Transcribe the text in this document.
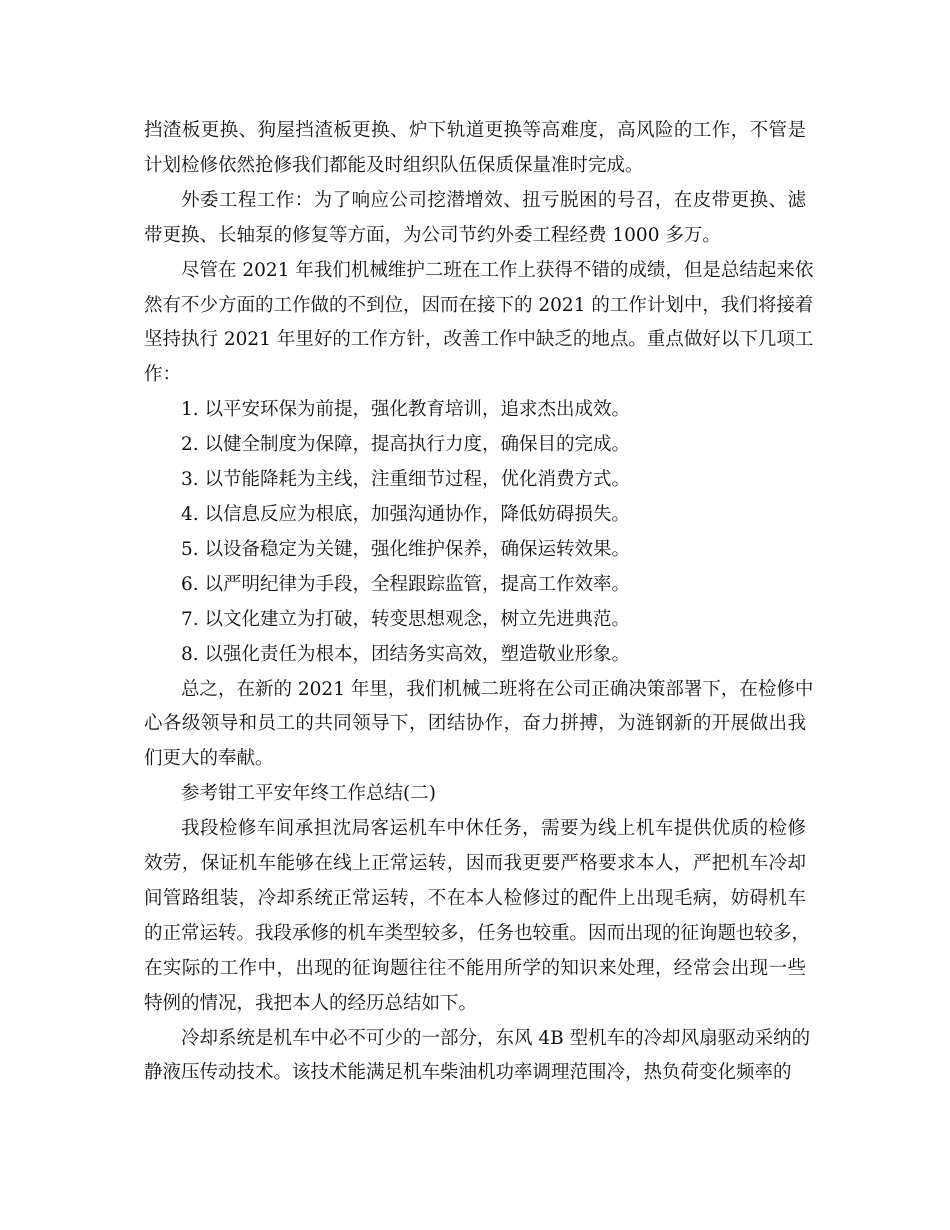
挡渣板更换、狗屋挡渣板更换、炉下轨道更换等高难度，高风险的工作，不管是
计划检修依然抢修我们都能及时组织队伍保质保量准时完成。
外委工程工作：为了响应公司挖潜增效、扭亏脱困的号召，在皮带更换、滤
带更换、长轴泵的修复等方面，为公司节约外委工程经费 1000 多万。
尽管在 2021 年我们机械维护二班在工作上获得不错的成绩，但是总结起来依
然有不少方面的工作做的不到位，因而在接下的 2021 的工作计划中，我们将接着
坚持执行 2021 年里好的工作方针，改善工作中缺乏的地点。重点做好以下几项工
作：
1. 以平安环保为前提，强化教育培训，追求杰出成效。
2. 以健全制度为保障，提高执行力度，确保目的完成。
3. 以节能降耗为主线，注重细节过程，优化消费方式。
4. 以信息反应为根底，加强沟通协作，降低妨碍损失。
5. 以设备稳定为关键，强化维护保养，确保运转效果。
6. 以严明纪律为手段，全程跟踪监管，提高工作效率。
7. 以文化建立为打破，转变思想观念，树立先进典范。
8. 以强化责任为根本，团结务实高效，塑造敬业形象。
总之，在新的 2021 年里，我们机械二班将在公司正确决策部署下，在检修中
心各级领导和员工的共同领导下，团结协作，奋力拼搏，为涟钢新的开展做出我
们更大的奉献。
参考钳工平安年终工作总结(二)
我段检修车间承担沈局客运机车中休任务，需要为线上机车提供优质的检修
效劳，保证机车能够在线上正常运转，因而我更要严格要求本人，严把机车冷却
间管路组装，冷却系统正常运转，不在本人检修过的配件上出现毛病，妨碍机车
的正常运转。我段承修的机车类型较多，任务也较重。因而出现的征询题也较多，
在实际的工作中，出现的征询题往往不能用所学的知识来处理，经常会出现一些
特例的情况，我把本人的经历总结如下。
冷却系统是机车中必不可少的一部分，东风 4B 型机车的冷却风扇驱动采纳的
静液压传动技术。该技术能满足机车柴油机功率调理范围冷，热负荷变化频率的
